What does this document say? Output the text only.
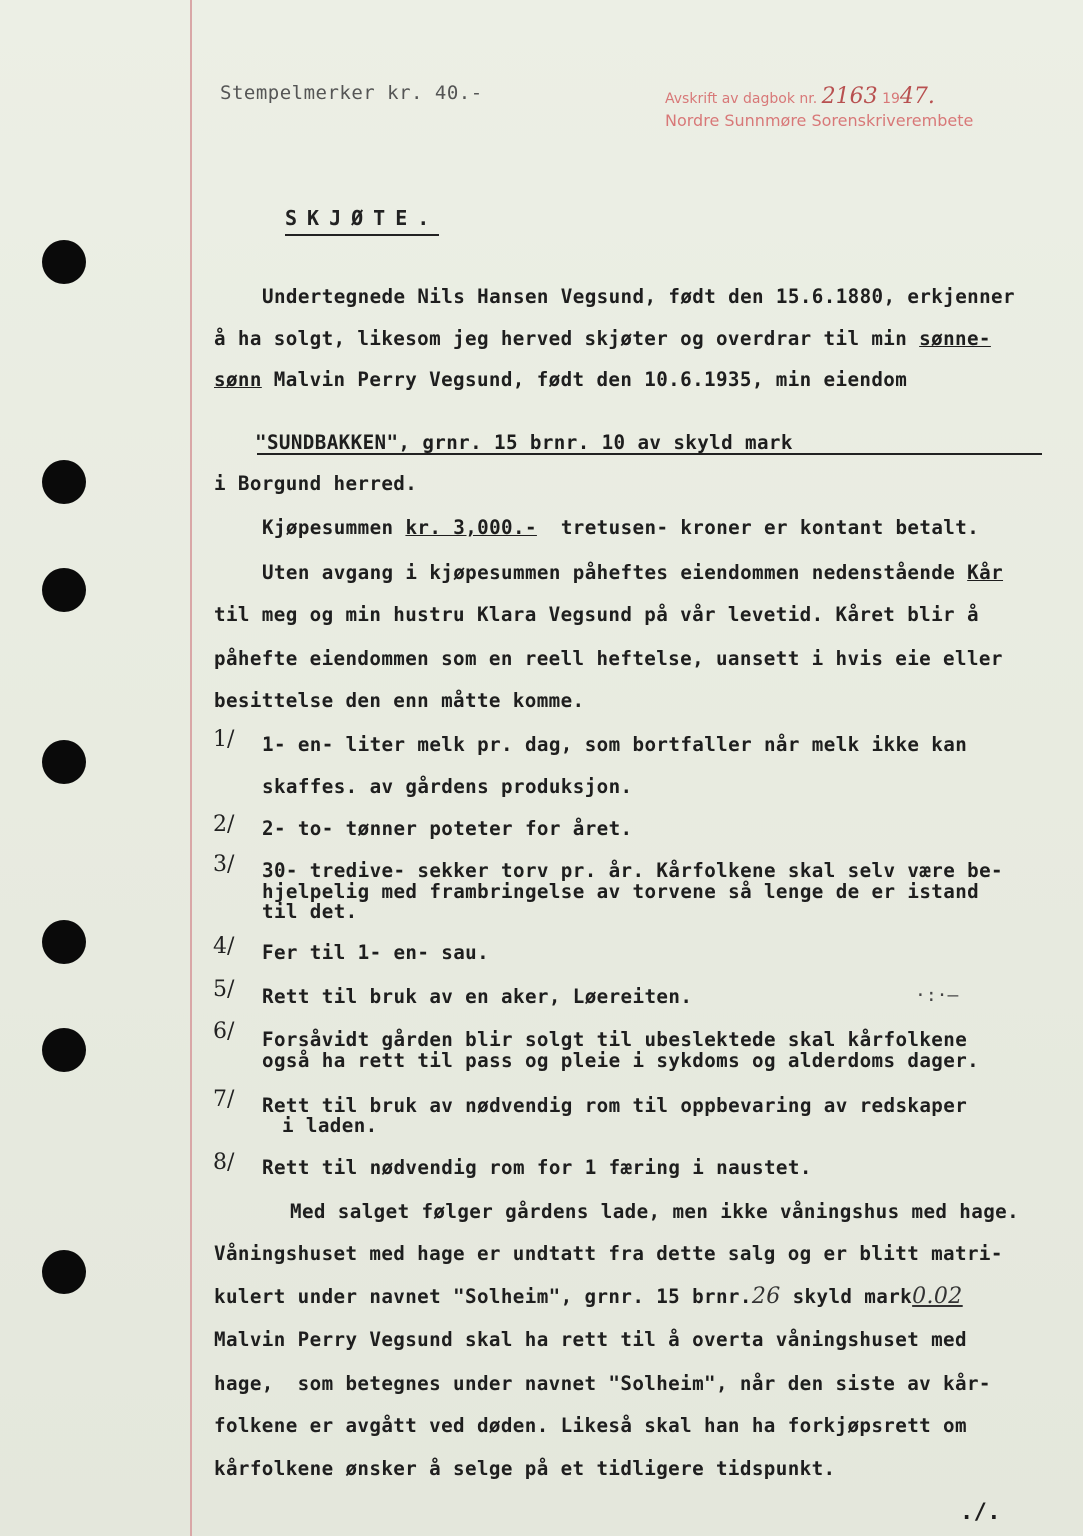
Stempelmerker kr. 40.-	Avskrift av dagbok nr. 2163 1947.
Nordre Sunnmøre Sorenskriverembete
SKJØTE.
Undertegnede Nils Hansen Vegsund, født den 15.6.1880, erkjenner
å ha solgt, likesom jeg herved skjøter og overdrar til min sønne-
sønn Malvin Perry Vegsund, født den 10.6.1935, min eiendom
"SUNDBAKKEN", grnr. 15 brnr. 10 av skyld mark
i Borgund herred.
Kjøpesummen kr. 3,000.-  tretusen- kroner er kontant betalt.
Uten avgang i kjøpesummen påheftes eiendommen nedenstående Kår
til meg og min hustru Klara Vegsund på vår levetid. Kåret blir å
påhefte eiendommen som en reell heftelse, uansett i hvis eie eller
besittelse den enn måtte komme.
1/ 1- en- liter melk pr. dag, som bortfaller når melk ikke kan
skaffes. av gårdens produksjon.
2/ 2- to- tønner poteter for året.
3/ 30- tredive- sekker torv pr. år. Kårfolkene skal selv være be-
hjelpelig med frambringelse av torvene så lenge de er istand
til det.
4/ Fer til 1- en- sau.
5/ Rett til bruk av en aker, Løereiten.	·:·—
6/ Forsåvidt gården blir solgt til ubeslektede skal kårfolkene
også ha rett til pass og pleie i sykdoms og alderdoms dager.
7/ Rett til bruk av nødvendig rom til oppbevaring av redskaper
i laden.
8/ Rett til nødvendig rom for 1 færing i naustet.
Med salget følger gårdens lade, men ikke våningshus med hage.
Våningshuset med hage er undtatt fra dette salg og er blitt matri-
kulert under navnet "Solheim", grnr. 15 brnr.26 skyld mark0.02
Malvin Perry Vegsund skal ha rett til å overta våningshuset med
hage,  som betegnes under navnet "Solheim", når den siste av kår-
folkene er avgått ved døden. Likeså skal han ha forkjøpsrett om
kårfolkene ønsker å selge på et tidligere tidspunkt.
./.
